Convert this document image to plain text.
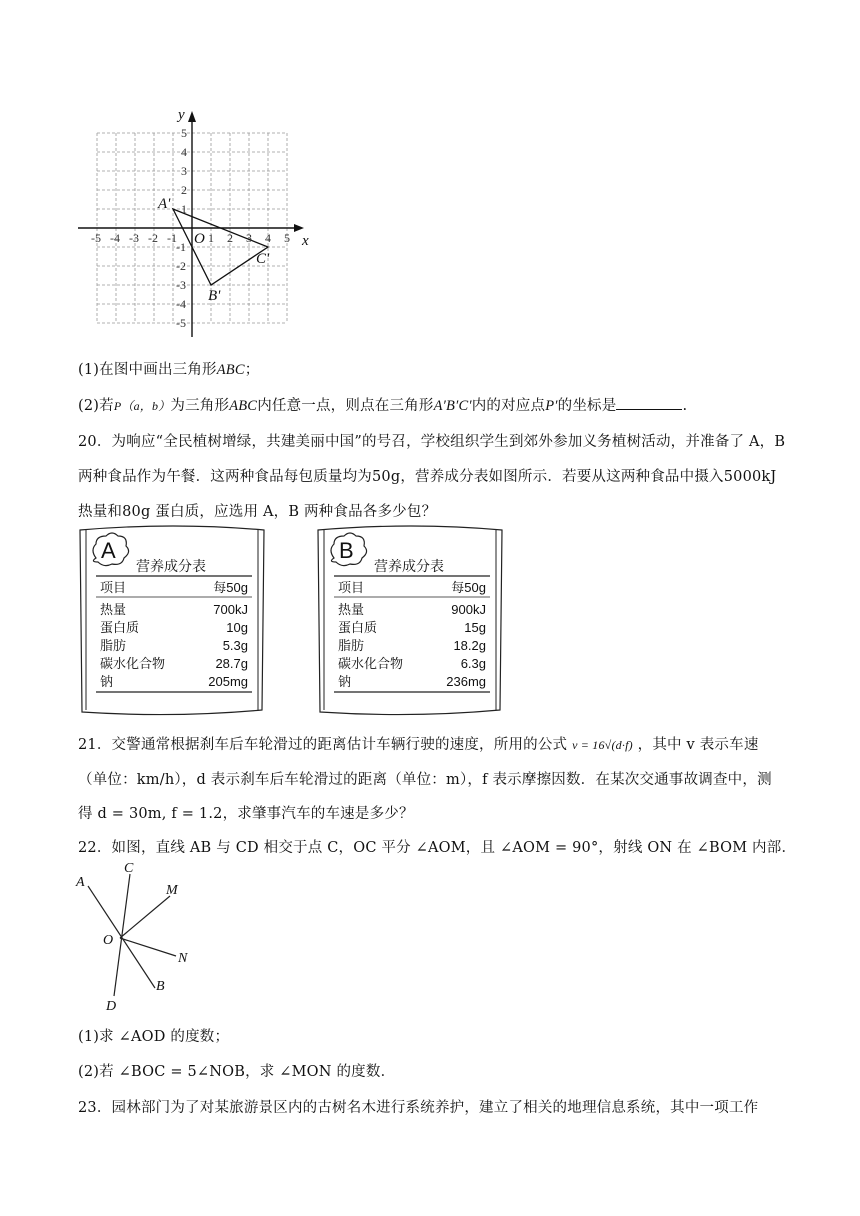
-5 -4 -3 -2 -1	1 2 3 4 5
5
4
3
2
1
-1
-2
-3
-4
-5
y
x
O
A'
B'
C'
(1)在图中画出三角形ABC；
(2)若P（a，b）为三角形ABC内任意一点，则点在三角形A′B′C′内的对应点P′的坐标是	.
20．为响应“全民植树增绿，共建美丽中国”的号召，学校组织学生到郊外参加义务植树活动，并准备了 A，B
两种食品作为午餐．这两种食品每包质量均为50g，营养成分表如图所示．若要从这两种食品中摄入5000kJ
热量和80g 蛋白质，应选用 A，B 两种食品各多少包？
A
营养成分表
项目	每50g
热量	700kJ
蛋白质	10g
脂肪	5.3g
碳水化合物	28.7g
钠	205mg
B
营养成分表
项目	每50g
热量	900kJ
蛋白质	15g
脂肪	18.2g
碳水化合物	6.3g
钠	236mg
21．交警通常根据刹车后车轮滑过的距离估计车辆行驶的速度，所用的公式 v = 16√(d·f) ，其中 v 表示车速
（单位：km/h），d 表示刹车后车轮滑过的距离（单位：m），f 表示摩擦因数．在某次交通事故调查中，测
得 d = 30m, f = 1.2，求肇事汽车的车速是多少？
22．如图，直线 AB 与 CD 相交于点 C，OC 平分 ∠AOM，且 ∠AOM = 90°，射线 ON 在 ∠BOM 内部．
A
C
M
O
N
B
D
(1)求 ∠AOD 的度数；
(2)若 ∠BOC = 5∠NOB，求 ∠MON 的度数．
23．园林部门为了对某旅游景区内的古树名木进行系统养护，建立了相关的地理信息系统，其中一项工作
